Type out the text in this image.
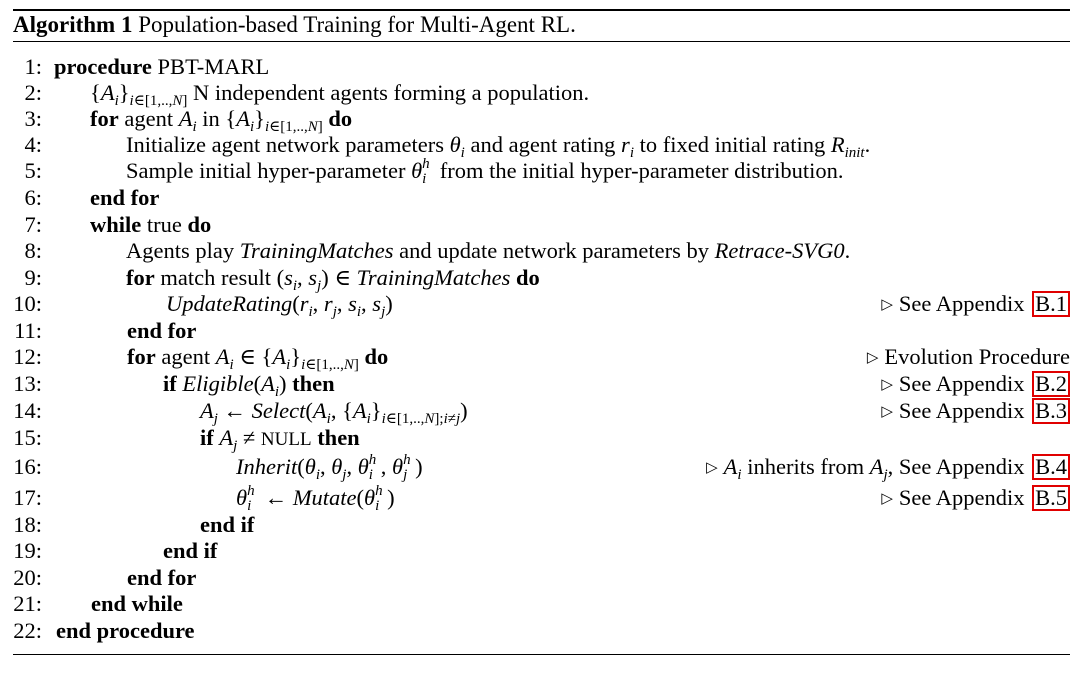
Algorithm 1 Population-based Training for Multi-Agent RL.
1: procedure PBT-MARL
2: $\{A_i\}_{i\in[1,..,N]}$ N independent agents forming a population.
3: for agent $A_i$ in $\{A_i\}_{i\in[1,..,N]}$ do
4:	Initialize agent network parameters $\theta_i$ and agent rating $r_i$ to fixed initial rating $R_{init}$.
5:	Sample initial hyper-parameter θ h
i from the initial hyper-parameter distribution.
6: end for
7: while true do
8:	Agents play TrainingMatches and update network parameters by Retrace-SVG0.
9:	for match result ($s_i$, $s_j$) ∈ TrainingMatches do
10:	$UpdateRating(r_i$, $r_j$, $s_i$, $s_j$)	▷ See Appendix B.1
11:	end for
12:	for agent $A_i$ ∈ $\{A_i\}_{i\in[1,..,N]}$ do	▷ Evolution Procedure
13:	if $Eligible(A_i)$ then	▷ See Appendix B.2
14:	$A_j$ ← $Select(A_i$, $\{A_i\}_{i\in[1,..,N];i\ne j}$)	▷ See Appendix B.3
15:	if $A_j$ ≠ NULL then
16:	$Inherit(\theta_i$, $\theta_j$, θ h
i , θ h
j )	▷ $A_i$ inherits from $A_j$, See Appendix B.4
17:	θ h
i ← Mutate(θ h
i )	▷ See Appendix B.5
18:	end if
19:	end if
20:	end for
21: end while
22: end procedure
